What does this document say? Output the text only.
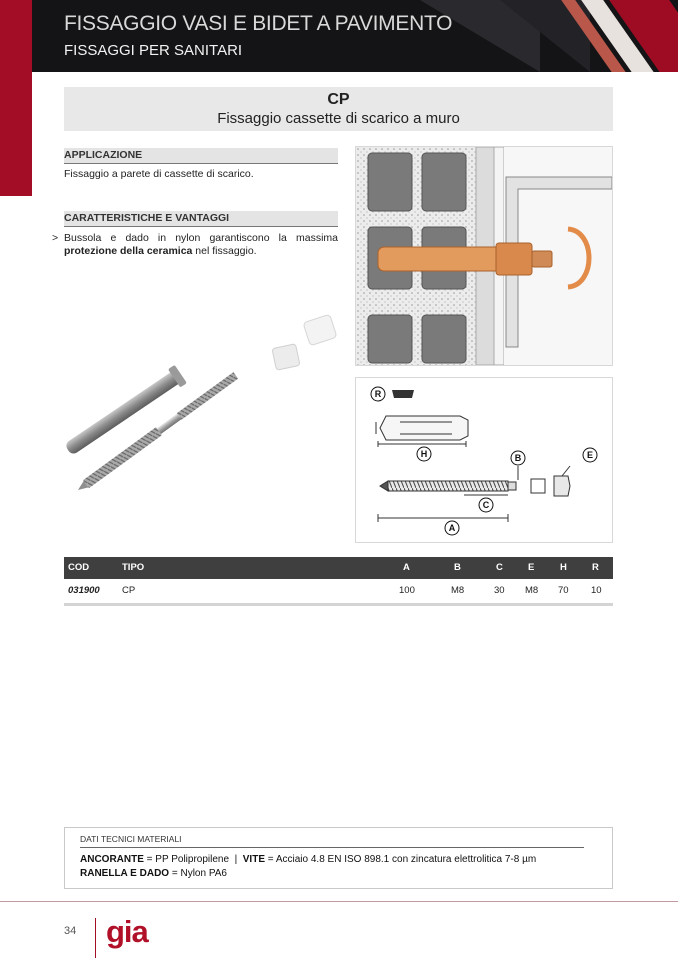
FISSAGGIO VASI E BIDET A PAVIMENTO
FISSAGGI PER SANITARI
CP
Fissaggio cassette di scarico a muro
APPLICAZIONE
Fissaggio a parete di cassette di scarico.
CARATTERISTICHE E VANTAGGI
> Bussola e dado in nylon garantiscono la massima
protezione della ceramica nel fissaggio.
R
H	B	E
C
A
COD	TIPO	A	B	C	E	H	R
031900 CP	100	M8	30 M8 70 10
DATI TECNICI MATERIALI
ANCORANTE = PP Polipropilene  |  VITE = Acciaio 4.8 EN ISO 898.1 con zincatura elettrolitica 7-8 µm
RANELLA E DADO = Nylon PA6
34 gia
